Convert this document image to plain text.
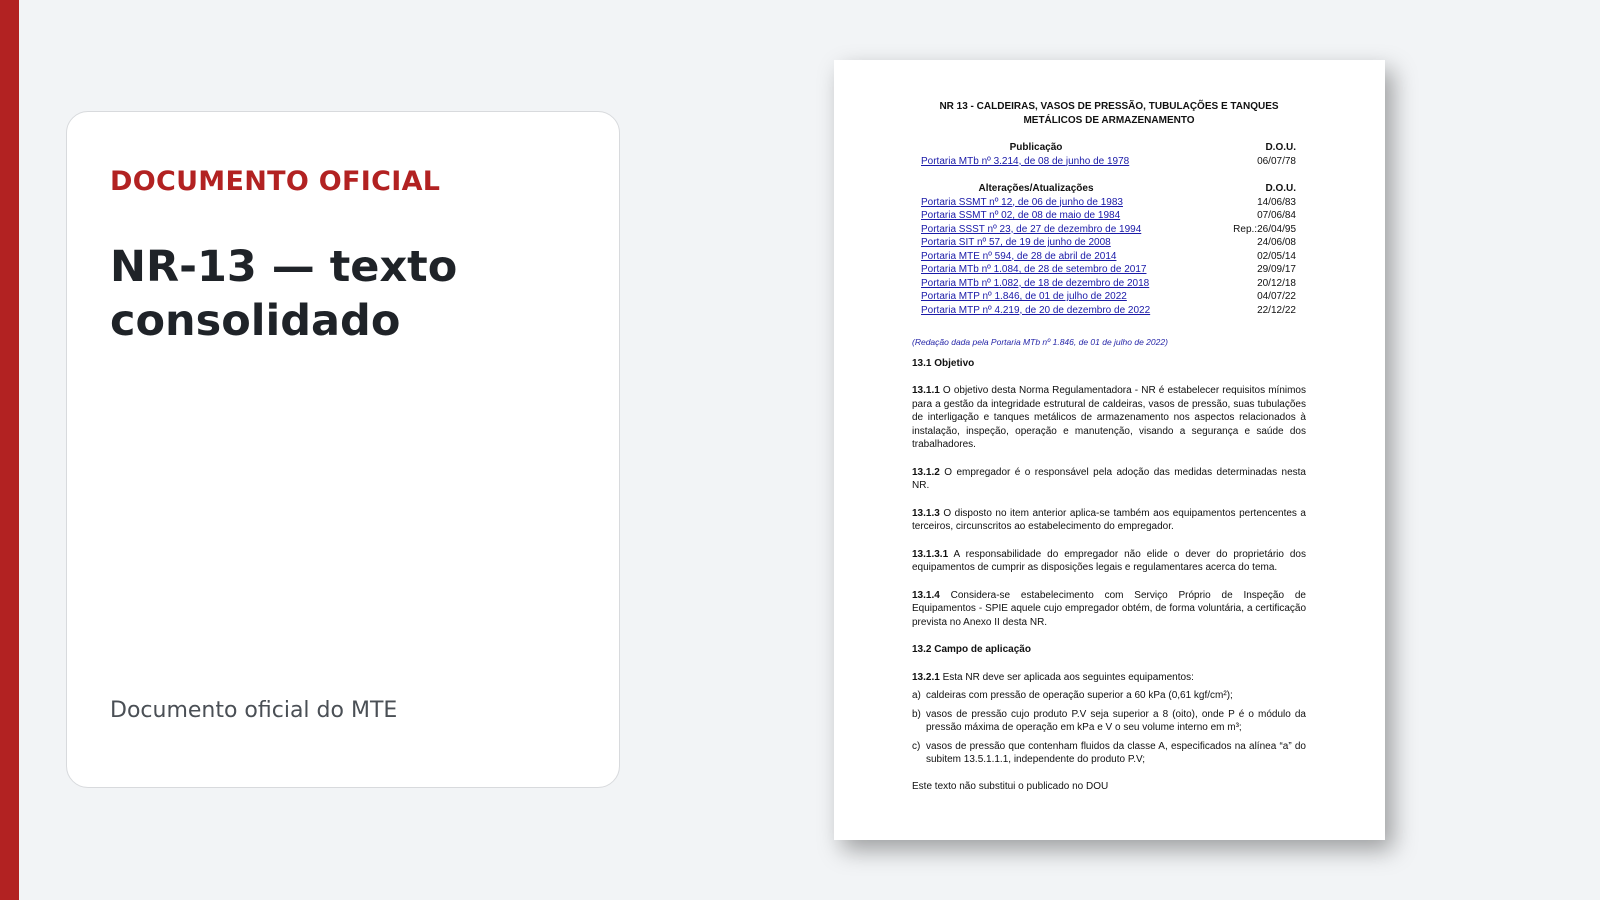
DOCUMENTO OFICIAL

NR-13 — texto consolidado

Documento oficial do MTE

NR 13 - CALDEIRAS, VASOS DE PRESSÃO, TUBULAÇÕES E TANQUES METÁLICOS DE ARMAZENAMENTO

Publicação	D.O.U.
Portaria MTb nº 3.214, de 08 de junho de 1978	06/07/78
Alterações/Atualizações	D.O.U.
Portaria SSMT nº 12, de 06 de junho de 1983	14/06/83
Portaria SSMT nº 02, de 08 de maio de 1984	07/06/84
Portaria SSST nº 23, de 27 de dezembro de 1994	Rep.:26/04/95
Portaria SIT nº 57, de 19 de junho de 2008	24/06/08
Portaria MTE nº 594, de 28 de abril de 2014	02/05/14
Portaria MTb nº 1.084, de 28 de setembro de 2017	29/09/17
Portaria MTb nº 1.082, de 18 de dezembro de 2018	20/12/18
Portaria MTP nº 1.846, de 01 de julho de 2022	04/07/22
Portaria MTP nº 4.219, de 20 de dezembro de 2022	22/12/22

(Redação dada pela Portaria MTb nº 1.846, de 01 de julho de 2022)

13.1 Objetivo

13.1.1 O objetivo desta Norma Regulamentadora - NR é estabelecer requisitos mínimos para a gestão da integridade estrutural de caldeiras, vasos de pressão, suas tubulações de interligação e tanques metálicos de armazenamento nos aspectos relacionados à instalação, inspeção, operação e manutenção, visando a segurança e saúde dos trabalhadores.

13.1.2 O empregador é o responsável pela adoção das medidas determinadas nesta NR.

13.1.3 O disposto no item anterior aplica-se também aos equipamentos pertencentes a terceiros, circunscritos ao estabelecimento do empregador.

13.1.3.1 A responsabilidade do empregador não elide o dever do proprietário dos equipamentos de cumprir as disposições legais e regulamentares acerca do tema.

13.1.4 Considera-se estabelecimento com Serviço Próprio de Inspeção de Equipamentos - SPIE aquele cujo empregador obtém, de forma voluntária, a certificação prevista no Anexo II desta NR.

13.2 Campo de aplicação

13.2.1 Esta NR deve ser aplicada aos seguintes equipamentos:

a) caldeiras com pressão de operação superior a 60 kPa (0,61 kgf/cm²);
b) vasos de pressão cujo produto P.V seja superior a 8 (oito), onde P é o módulo da pressão máxima de operação em kPa e V o seu volume interno em m³;
c) vasos de pressão que contenham fluidos da classe A, especificados na alínea “a” do subitem 13.5.1.1.1, independente do produto P.V;
Este texto não substitui o publicado no DOU
